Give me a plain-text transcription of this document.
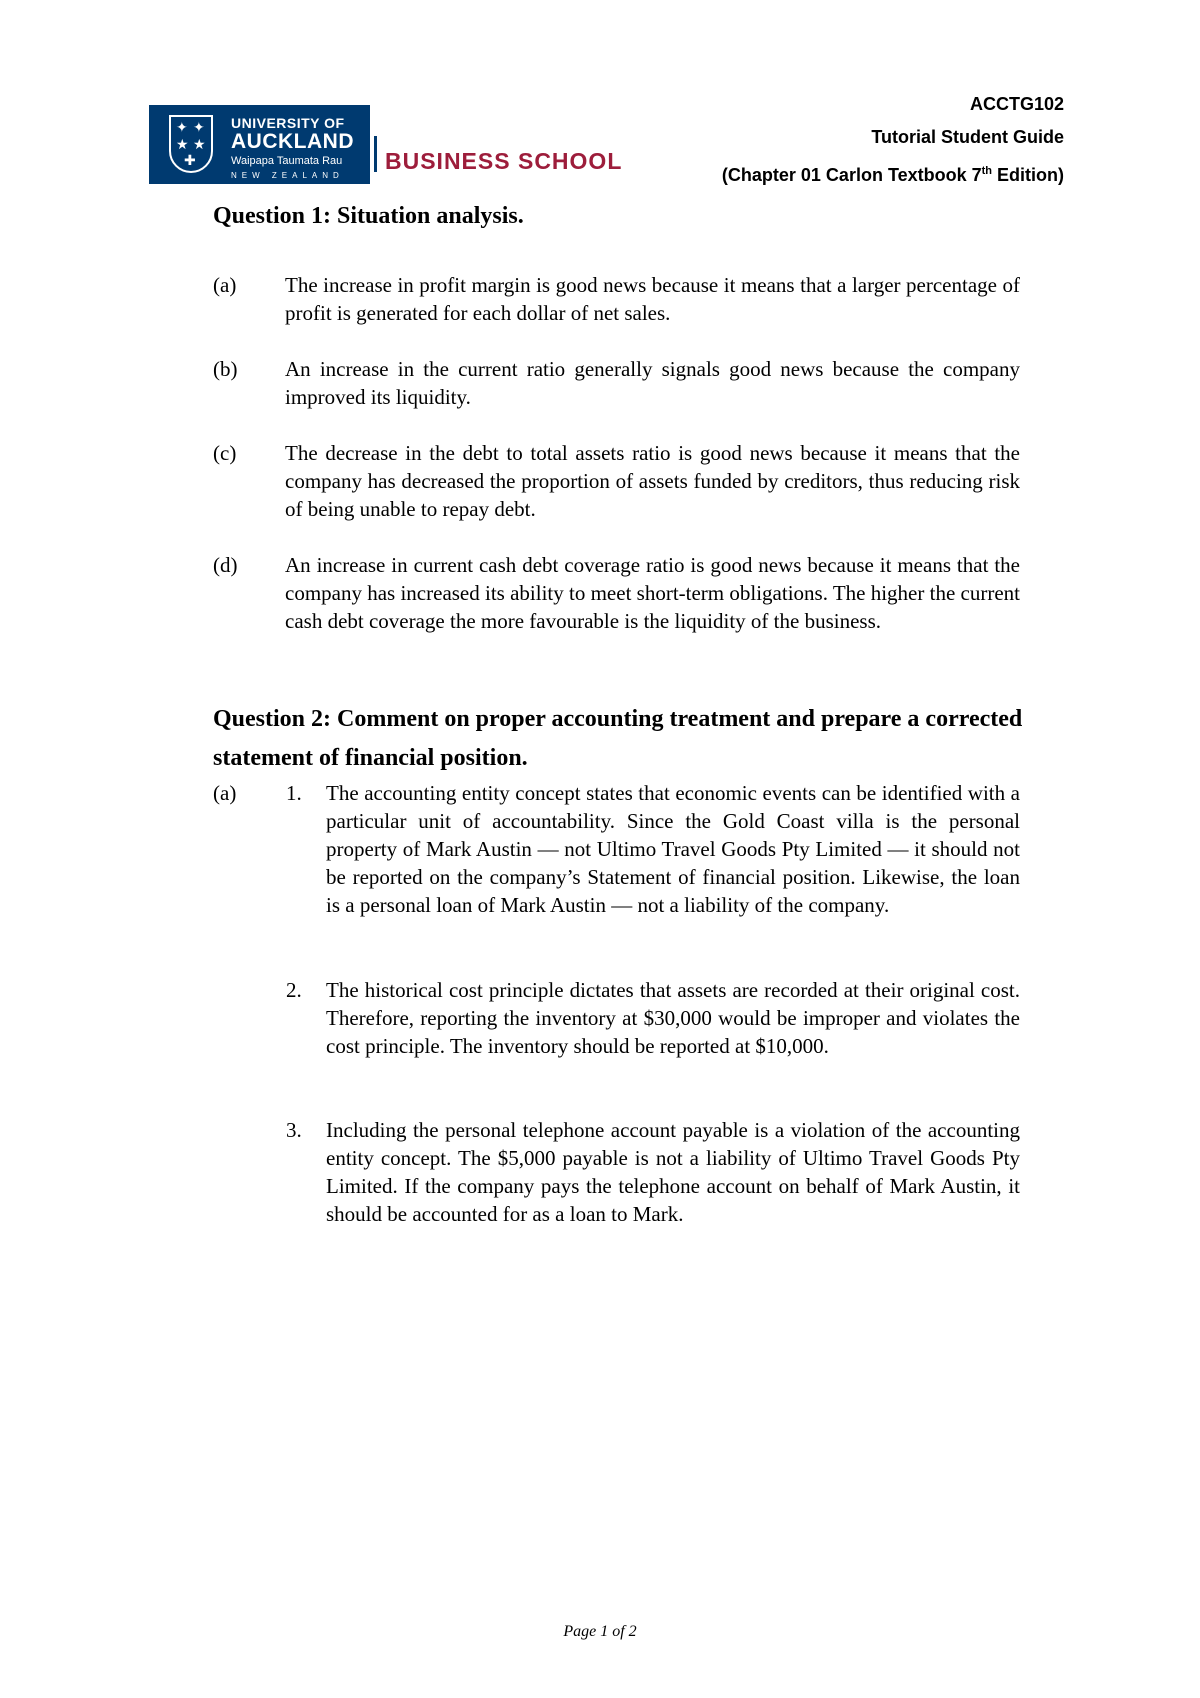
✦ ✦
★ ★
✚
UNIVERSITY OF
AUCKLAND
Waipapa Taumata Rau
NEW ZEALAND
BUSINESS SCHOOL
ACCTG102
Tutorial Student Guide
(Chapter 01 Carlon Textbook 7th Edition)
Question 1: Situation analysis.
(a) The increase in profit margin is good news because it means that a larger percentage of profit is generated for each dollar of net sales.
(b) An increase in the current ratio generally signals good news because the company improved its liquidity.
(c) The decrease in the debt to total assets ratio is good news because it means that the company has decreased the proportion of assets funded by creditors, thus reducing risk of being unable to repay debt.
(d) An increase in current cash debt coverage ratio is good news because it means that the company has increased its ability to meet short-term obligations. The higher the current cash debt coverage the more favourable is the liquidity of the business.
Question 2: Comment on proper accounting treatment and prepare a corrected statement of financial position.
(a) 1. The accounting entity concept states that economic events can be identified with a particular unit of accountability. Since the Gold Coast villa is the personal property of Mark Austin — not Ultimo Travel Goods Pty Limited — it should not be reported on the company’s Statement of financial position. Likewise, the loan is a personal loan of Mark Austin — not a liability of the company.
2. The historical cost principle dictates that assets are recorded at their original cost. Therefore, reporting the inventory at $30,000 would be improper and violates the cost principle. The inventory should be reported at $10,000.
3. Including the personal telephone account payable is a violation of the accounting entity concept. The $5,000 payable is not a liability of Ultimo Travel Goods Pty Limited. If the company pays the telephone account on behalf of Mark Austin, it should be accounted for as a loan to Mark.
Page 1 of 2
